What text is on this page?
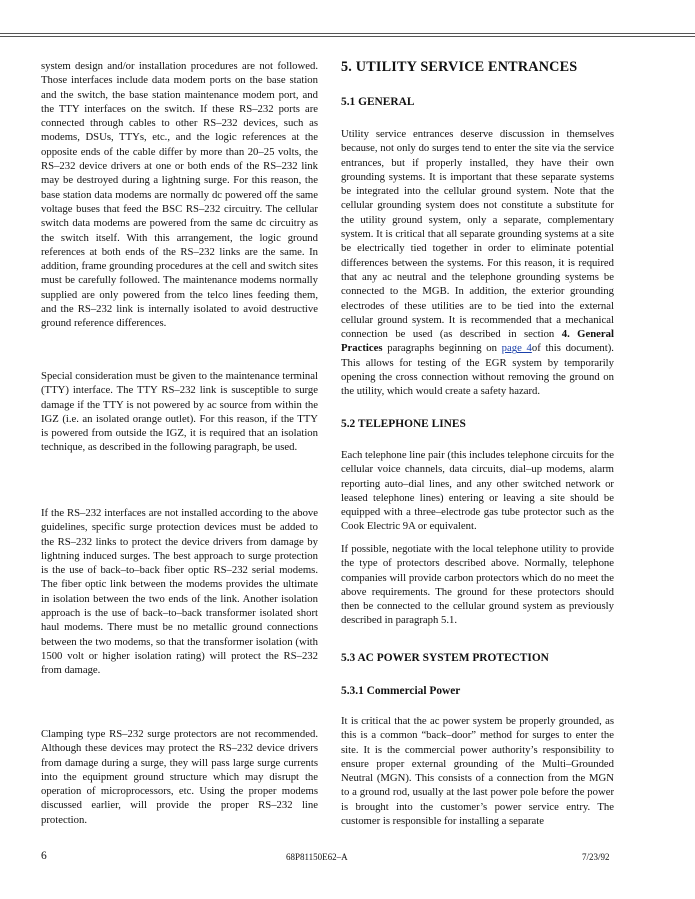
system design and/or installation procedures are not followed. Those interfaces include data modem ports on the base station and the switch, the base station maintenance modem port, and the TTY interfaces on the switch. If these RS–232 ports are connected through cables to other RS–232 devices, such as modems, DSUs, TTYs, etc., and the logic references at the opposite ends of the cable differ by more than 20–25 volts, the RS–232 device drivers at one or both ends of the RS–232 link may be destroyed during a lightning surge. For this reason, the base station data modems are normally dc powered off the same voltage buses that feed the BSC RS–232 circuitry. The cellular switch data modems are powered from the same dc circuitry as the switch itself. With this arrangement, the logic ground references at both ends of the RS–232 links are the same. In addition, frame grounding procedures at the cell and switch sites must be carefully followed. The maintenance modems normally supplied are only powered from the telco lines feeding them, and the RS–232 link is internally isolated to avoid destructive ground reference differences.

Special consideration must be given to the maintenance terminal (TTY) interface. The TTY RS–232 link is susceptible to surge damage if the TTY is not powered by ac source from within the IGZ (i.e. an isolated orange outlet). For this reason, if the TTY is powered from outside the IGZ, it is required that an isolation technique, as described in the following paragraph, be used.

If the RS–232 interfaces are not installed according to the above guidelines, specific surge protection devices must be added to the RS–232 links to protect the device drivers from damage by lightning induced surges. The best approach to surge protection is the use of back–to–back fiber optic RS–232 serial modems. The fiber optic link between the modems provides the ultimate in isolation between the two ends of the link. Another isolation approach is the use of back–to–back transformer isolated short haul modems. There must be no metallic ground connections between the two modems, so that the transformer isolation (with 1500 volt or higher isolation rating) will protect the RS–232 from damage.

Clamping type RS–232 surge protectors are not recommended. Although these devices may protect the RS–232 device drivers from damage during a surge, they will pass large surge currents into the equipment ground structure which may disrupt the operation of microprocessors, etc. Using the proper modems discussed earlier, will provide the proper RS–232 line protection.

5. UTILITY SERVICE ENTRANCES
5.1 GENERAL

Utility service entrances deserve discussion in themselves because, not only do surges tend to enter the site via the service entrances, but if properly installed, they have their own grounding systems. It is important that these separate systems be integrated into the cellular ground system. Note that the cellular grounding system does not constitute a substitute for the utility ground system, only a separate, complementary system. It is critical that all separate grounding systems at a site be electrically tied together in order to eliminate potential differences between the systems. For this reason, it is required that any ac neutral and the telephone grounding systems be connected to the MGB. In addition, the exterior grounding electrodes of these utilities are to be tied into the external cellular ground system. It is recommended that a mechanical connection be used (as described in section 4. General Practices paragraphs beginning on page 4of this document). This allows for testing of the EGR system by temporarily opening the cross connection without removing the ground on the utility, which would create a safety hazard.

5.2 TELEPHONE LINES

Each telephone line pair (this includes telephone circuits for the cellular voice channels, data circuits, dial–up modems, alarm reporting auto–dial lines, and any other switched network or leased telephone lines) entering or leaving a site should be equipped with a three–electrode gas tube protector such as the Cook Electric 9A or equivalent.

If possible, negotiate with the local telephone utility to provide the type of protectors described above. Normally, telephone companies will provide carbon protectors which do no meet the above requirements. The ground for these protectors should then be connected to the cellular ground system as previously described in paragraph 5.1.

5.3 AC POWER SYSTEM PROTECTION
5.3.1 Commercial Power

It is critical that the ac power system be properly grounded, as this is a common “back–door” method for surges to enter the site. It is the commercial power authority’s responsibility to ensure proper external grounding of the Multi–Grounded Neutral (MGN). This consists of a connection from the MGN to a ground rod, usually at the last power pole before the power is brought into the customer’s power service entry. The customer is responsible for installing a separate

6	68P81150E62–A	7/23/92
